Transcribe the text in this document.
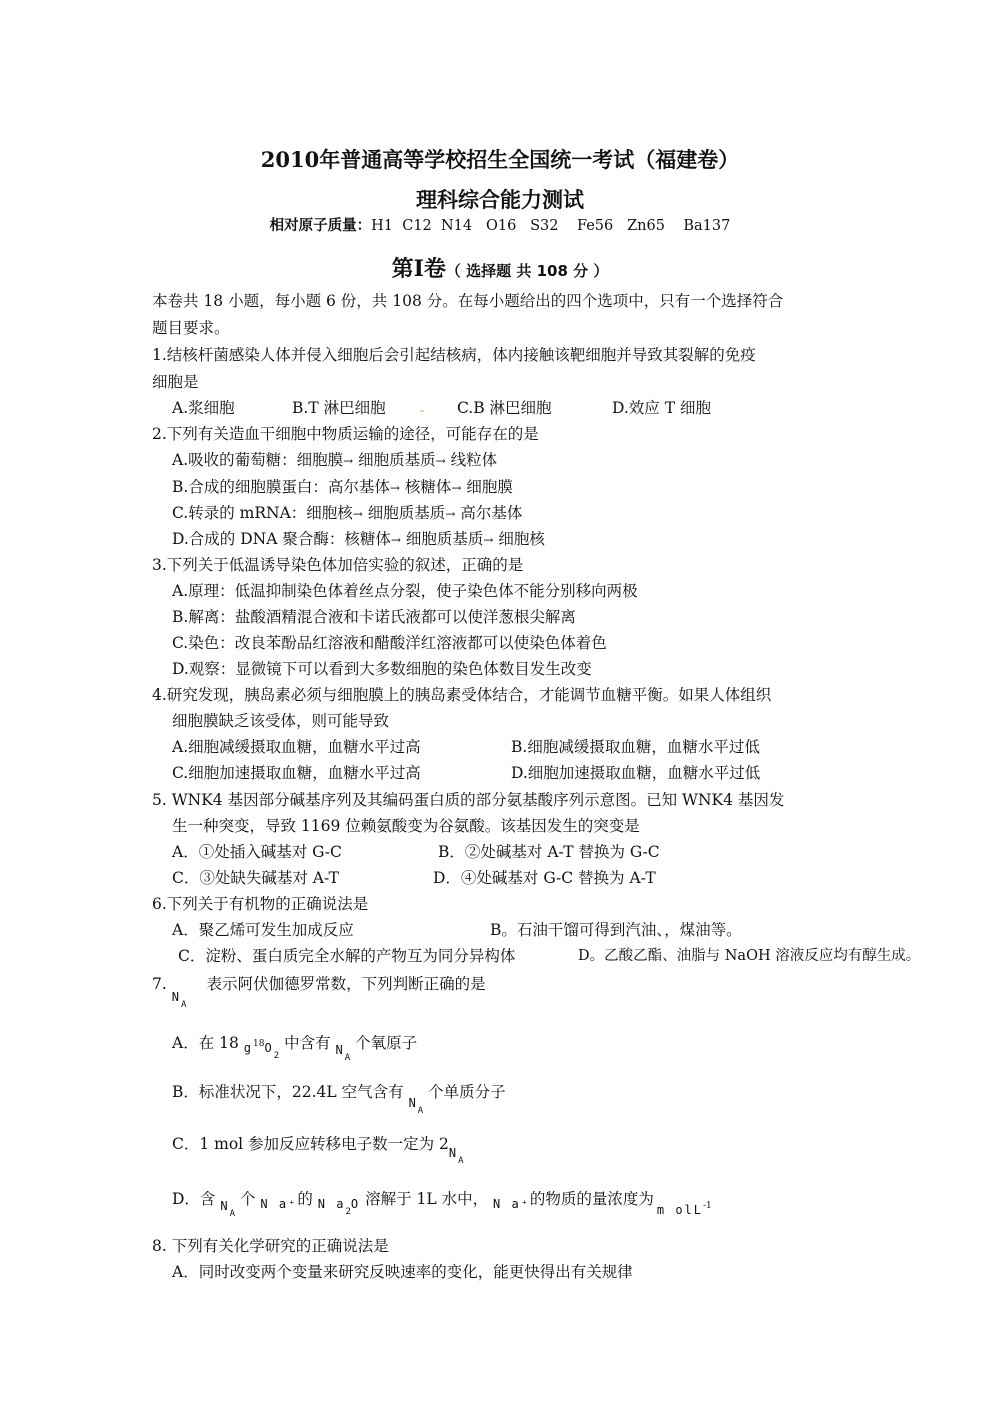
2010年普通高等学校招生全国统一考试（福建卷）
理科综合能力测试
相对原子质量：H1  C12  N14   O16   S32    Fe56   Zn65    Ba137
第Ⅰ卷（ 选择题 共 108 分 ）
本卷共 18 小题，每小题 6 份，共 108 分。在每小题给出的四个选项中，只有一个选择符合
题目要求。
1.结核杆菌感染人体并侵入细胞后会引起结核病，体内接触该靶细胞并导致其裂解的免疫
细胞是
A.浆细胞	B.T 淋巴细胞	C.B 淋巴细胞	D.效应 T 细胞
2.下列有关造血干细胞中物质运输的途径，可能存在的是
A.吸收的葡萄糖：细胞膜→ 细胞质基质→ 线粒体
B.合成的细胞膜蛋白：高尔基体→ 核糖体→ 细胞膜
C.转录的 mRNA：细胞核→ 细胞质基质→ 高尔基体
D.合成的 DNA 聚合酶：核糖体→ 细胞质基质→ 细胞核
3.下列关于低温诱导染色体加倍实验的叙述，正确的是
A.原理：低温抑制染色体着丝点分裂，使子染色体不能分别移向两极
B.解离：盐酸酒精混合液和卡诺氏液都可以使洋葱根尖解离
C.染色：改良苯酚品红溶液和醋酸洋红溶液都可以使染色体着色
D.观察：显微镜下可以看到大多数细胞的染色体数目发生改变
4.研究发现，胰岛素必须与细胞膜上的胰岛素受体结合，才能调节血糖平衡。如果人体组织
细胞膜缺乏该受体，则可能导致
A.细胞减缓摄取血糖，血糖水平过高	B.细胞减缓摄取血糖，血糖水平过低
C.细胞加速摄取血糖，血糖水平过高	D.细胞加速摄取血糖，血糖水平过低
5. WNK4 基因部分碱基序列及其编码蛋白质的部分氨基酸序列示意图。已知 WNK4 基因发
生一种突变，导致 1169 位赖氨酸变为谷氨酸。该基因发生的突变是
A．①处插入碱基对 G-C	B．②处碱基对 A-T 替换为 G-C
C．③处缺失碱基对 A-T	D．④处碱基对 G-C 替换为 A-T
6.下列关于有机物的正确说法是
A．聚乙烯可发生加成反应	B。石油干馏可得到汽油、，煤油等。
C．淀粉、蛋白质完全水解的产物互为同分异构体	D。乙酸乙酯、油脂与 NaOH 溶液反应均有醇生成。
7. $N_A$ 表示阿伏伽德罗常数，下列判断正确的是
A．在 18 $g^{18}O_2$ 中含有 $N_A$ 个氧原子
B．标准状况下，22.4L 空气含有 $N_A$ 个单质分子
C．1 mol 参加反应转移电子数一定为 $2N_A$
D．含 $N_A$ 个 $_{N a^+}$的 N $a_2O$ 溶解于 1L 水中， $_{N a^+}$的物质的量浓度为 m olL$^{-1}$
8. 下列有关化学研究的正确说法是
A．同时改变两个变量来研究反映速率的变化，能更快得出有关规律
